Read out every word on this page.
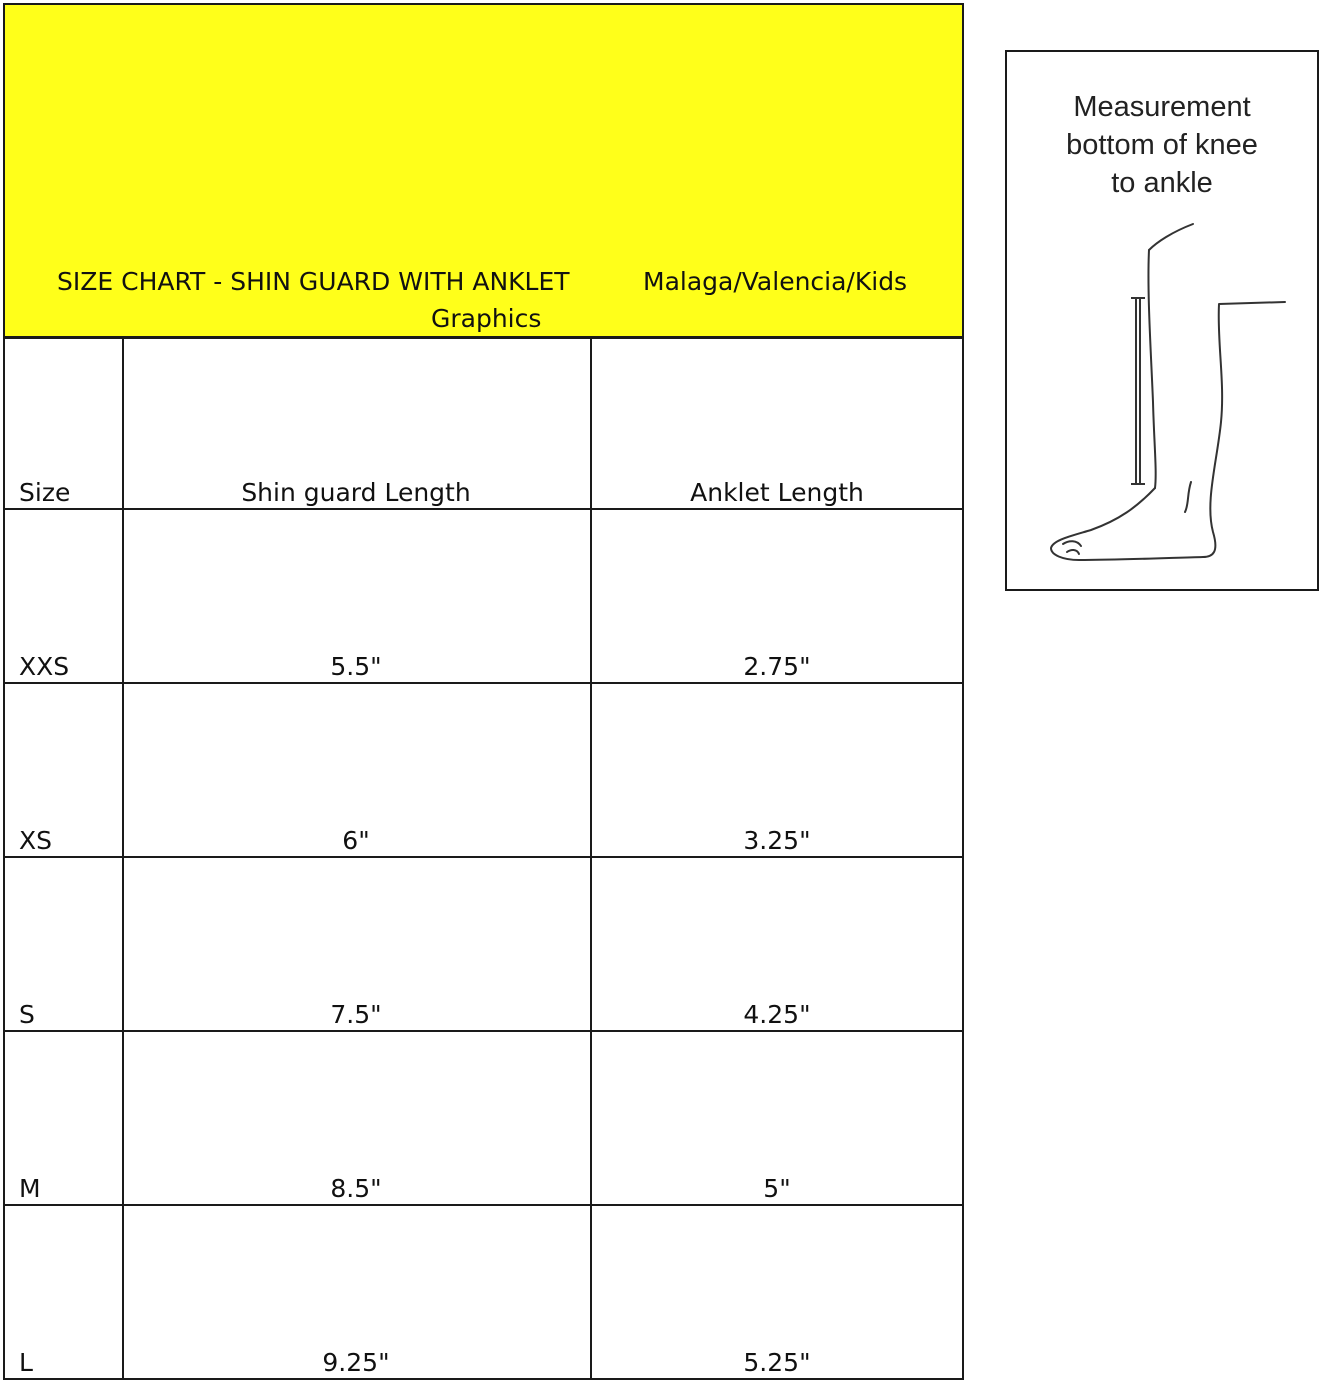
SIZE CHART - SHIN GUARD WITH ANKLET	Malaga/Valencia/Kids
Graphics
Size	Shin guard Length	Anklet Length
XXS	5.5"	2.75"
XS	6"	3.25"
S	7.5"	4.25"
M	8.5"	5"
L	9.25"	5.25"
Measurement
bottom of knee
to ankle
